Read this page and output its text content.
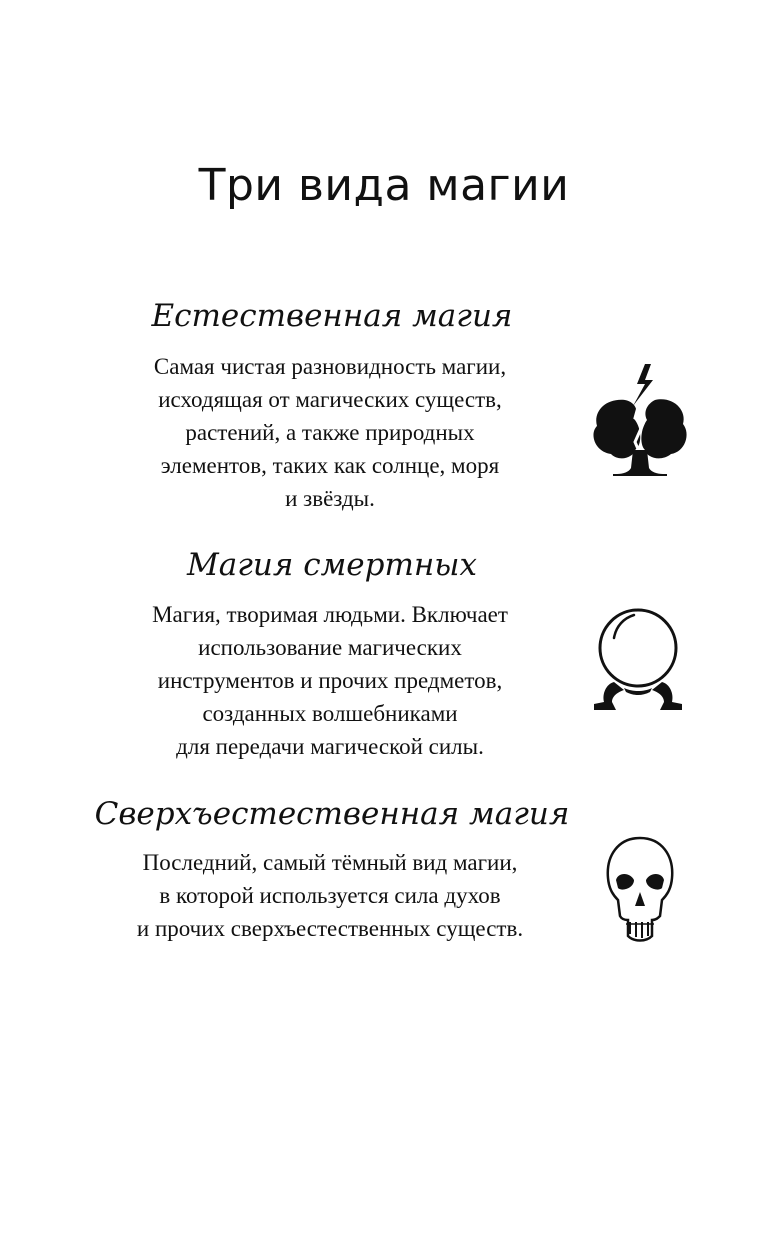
Три вида магии
Естественная магия
Самая чистая разновидность магии,
исходящая от магических существ,
растений, а также природных
элементов, таких как солнце, моря
и звёзды.
Магия смертных
Магия, творимая людьми. Включает
использование магических
инструментов и прочих предметов,
созданных волшебниками
для передачи магической силы.
Сверхъестественная магия
Последний, самый тёмный вид магии,
в которой используется сила духов
и прочих сверхъестественных существ.
